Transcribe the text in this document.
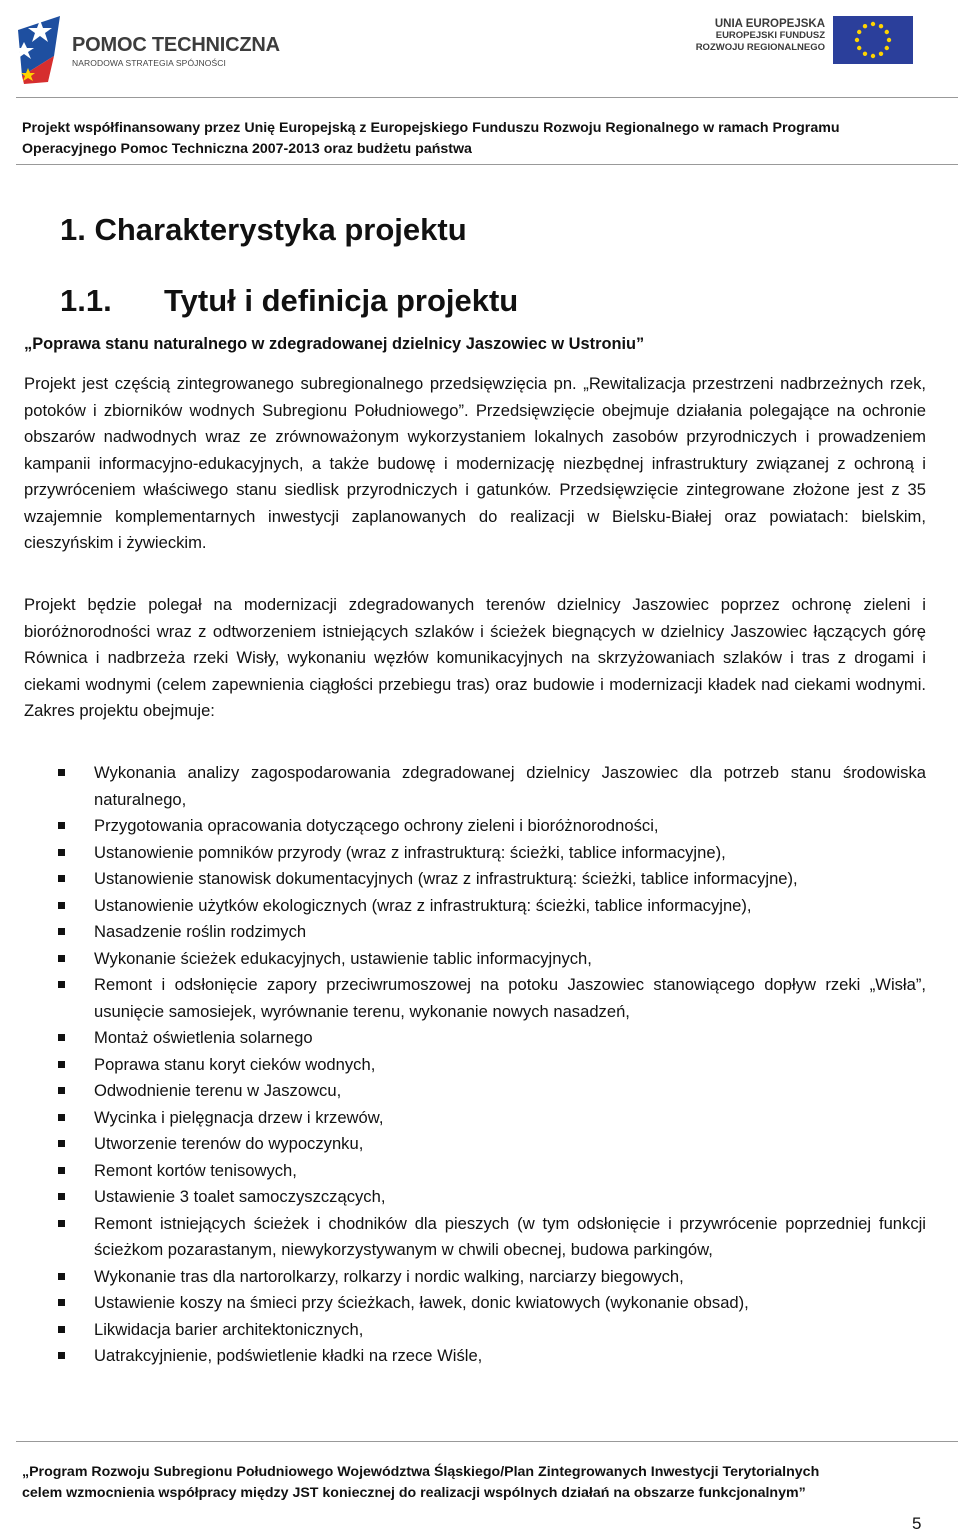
POMOC TECHNICZNA
NARODOWA STRATEGIA SPÓJNOŚCI
UNIA EUROPEJSKA
EUROPEJSKI FUNDUSZ
ROZWOJU REGIONALNEGO
Projekt współfinansowany przez Unię Europejską z Europejskiego Funduszu Rozwoju Regionalnego w ramach Programu
Operacyjnego Pomoc Techniczna 2007-2013 oraz budżetu państwa
1. Charakterystyka projektu
1.1. Tytuł i definicja projektu
„Poprawa stanu naturalnego w zdegradowanej dzielnicy Jaszowiec w Ustroniu”
Projekt jest częścią zintegrowanego subregionalnego przedsięwzięcia pn. „Rewitalizacja przestrzeni nadbrzeżnych rzek, potoków i zbiorników wodnych Subregionu Południowego”. Przedsięwzięcie obejmuje działania polegające na ochronie obszarów nadwodnych wraz ze zrównoważonym wykorzystaniem lokalnych zasobów przyrodniczych i prowadzeniem kampanii informacyjno-edukacyjnych, a także budowę i modernizację niezbędnej infrastruktury związanej z ochroną i przywróceniem właściwego stanu siedlisk przyrodniczych i gatunków. Przedsięwzięcie zintegrowane złożone jest z 35 wzajemnie komplementarnych inwestycji zaplanowanych do realizacji w Bielsku-Białej oraz powiatach: bielskim, cieszyńskim i żywieckim.
Projekt będzie polegał na modernizacji zdegradowanych terenów dzielnicy Jaszowiec poprzez ochronę zieleni i bioróżnorodności wraz z odtworzeniem istniejących szlaków i ścieżek biegnących w dzielnicy Jaszowiec łączących górę Równica i nadbrzeża rzeki Wisły, wykonaniu węzłów komunikacyjnych na skrzyżowaniach szlaków i tras z drogami i ciekami wodnymi (celem zapewnienia ciągłości przebiegu tras) oraz budowie i modernizacji kładek nad ciekami wodnymi. Zakres projektu obejmuje:
Wykonania analizy zagospodarowania zdegradowanej dzielnicy Jaszowiec dla potrzeb stanu środowiska naturalnego,
Przygotowania opracowania dotyczącego ochrony zieleni i bioróżnorodności,
Ustanowienie pomników przyrody (wraz z infrastrukturą: ścieżki, tablice informacyjne),
Ustanowienie stanowisk dokumentacyjnych (wraz z infrastrukturą: ścieżki, tablice informacyjne),
Ustanowienie użytków ekologicznych (wraz z infrastrukturą: ścieżki, tablice informacyjne),
Nasadzenie roślin rodzimych
Wykonanie ścieżek edukacyjnych, ustawienie tablic informacyjnych,
Remont i odsłonięcie zapory przeciwrumoszowej na potoku Jaszowiec stanowiącego dopływ rzeki „Wisła”, usunięcie samosiejek, wyrównanie terenu, wykonanie nowych nasadzeń,
Montaż oświetlenia solarnego
Poprawa stanu koryt cieków wodnych,
Odwodnienie terenu w Jaszowcu,
Wycinka i pielęgnacja drzew i krzewów,
Utworzenie terenów do wypoczynku,
Remont kortów tenisowych,
Ustawienie 3 toalet samoczyszczących,
Remont istniejących ścieżek i chodników dla pieszych (w tym odsłonięcie i przywrócenie poprzedniej funkcji ścieżkom pozarastanym, niewykorzystywanym w chwili obecnej, budowa parkingów,
Wykonanie tras dla nartorolkarzy, rolkarzy i nordic walking, narciarzy biegowych,
Ustawienie koszy na śmieci przy ścieżkach, ławek, donic kwiatowych (wykonanie obsad),
Likwidacja barier architektonicznych,
Uatrakcyjnienie, podświetlenie kładki na rzece Wiśle,
„Program Rozwoju Subregionu Południowego Województwa Śląskiego/Plan Zintegrowanych Inwestycji Terytorialnych
celem wzmocnienia współpracy między JST koniecznej do realizacji wspólnych działań na obszarze funkcjonalnym”
5
